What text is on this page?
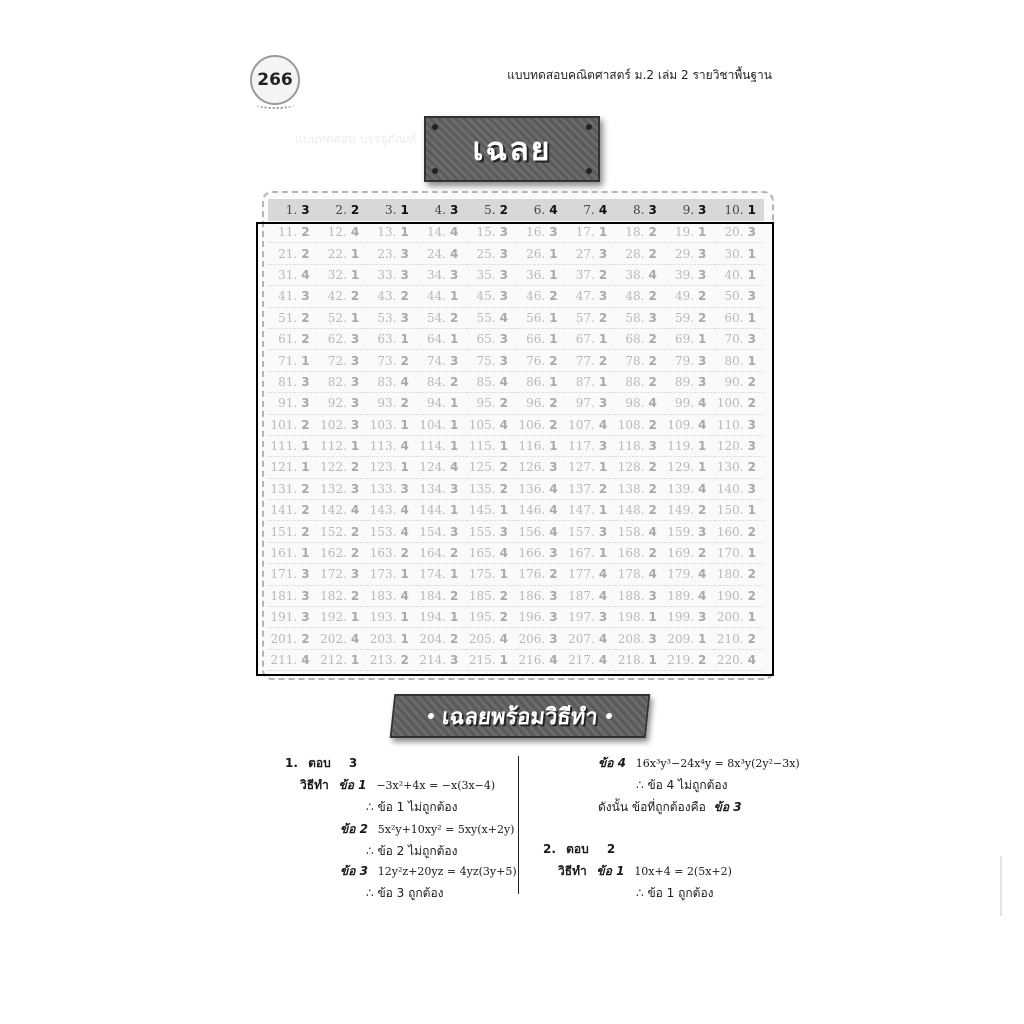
266	แบบทดสอบคณิตศาสตร์ ม.2 เล่ม 2 รายวิชาพื้นฐาน
แบบทดสอบ บรรจุภัณฑ์	เฉลย
1. 3 2. 2 3. 1 4. 3 5. 2 6. 4 7. 4 8. 3 9. 3 10. 1
11. 2 12. 4 13. 1 14. 4 15. 3 16. 3 17. 1 18. 2 19. 1 20. 3
21. 2 22. 1 23. 3 24. 4 25. 3 26. 1 27. 3 28. 2 29. 3 30. 1
31. 4 32. 1 33. 3 34. 3 35. 3 36. 1 37. 2 38. 4 39. 3 40. 1
41. 3 42. 2 43. 2 44. 1 45. 3 46. 2 47. 3 48. 2 49. 2 50. 3
51. 2 52. 1 53. 3 54. 2 55. 4 56. 1 57. 2 58. 3 59. 2 60. 1
61. 2 62. 3 63. 1 64. 1 65. 3 66. 1 67. 1 68. 2 69. 1 70. 3
71. 1 72. 3 73. 2 74. 3 75. 3 76. 2 77. 2 78. 2 79. 3 80. 1
81. 3 82. 3 83. 4 84. 2 85. 4 86. 1 87. 1 88. 2 89. 3 90. 2
91. 3 92. 3 93. 2 94. 1 95. 2 96. 2 97. 3 98. 4 99. 4 100. 2
101. 2 102. 3 103. 1 104. 1 105. 4 106. 2 107. 4 108. 2 109. 4 110. 3
111. 1 112. 1 113. 4 114. 1 115. 1 116. 1 117. 3 118. 3 119. 1 120. 3
121. 1 122. 2 123. 1 124. 4 125. 2 126. 3 127. 1 128. 2 129. 1 130. 2
131. 2 132. 3 133. 3 134. 3 135. 2 136. 4 137. 2 138. 2 139. 4 140. 3
141. 2 142. 4 143. 4 144. 1 145. 1 146. 4 147. 1 148. 2 149. 2 150. 1
151. 2 152. 2 153. 4 154. 3 155. 3 156. 4 157. 3 158. 4 159. 3 160. 2
161. 1 162. 2 163. 2 164. 2 165. 4 166. 3 167. 1 168. 2 169. 2 170. 1
171. 3 172. 3 173. 1 174. 1 175. 1 176. 2 177. 4 178. 4 179. 4 180. 2
181. 3 182. 2 183. 4 184. 2 185. 2 186. 3 187. 4 188. 3 189. 4 190. 2
191. 3 192. 1 193. 1 194. 1 195. 2 196. 3 197. 3 198. 1 199. 3 200. 1
201. 2 202. 4 203. 1 204. 2 205. 4 206. 3 207. 4 208. 3 209. 1 210. 2
211. 4 212. 1 213. 2 214. 3 215. 1 216. 4 217. 4 218. 1 219. 2 220. 4
เฉลยพร้อมวิธีทำ
1. ตอบ 3
วิธีทำ ข้อ 1 −3x²+4x = −x(3x−4)
∴ ข้อ 1 ไม่ถูกต้อง
ข้อ 2 5x²y+10xy² = 5xy(x+2y)
∴ ข้อ 2 ไม่ถูกต้อง
ข้อ 3 12y²z+20yz = 4yz(3y+5)
∴ ข้อ 3 ถูกต้อง
ข้อ 4 16x³y³−24x⁴y = 8x³y(2y²−3x)
∴ ข้อ 4 ไม่ถูกต้อง
ดังนั้น ข้อที่ถูกต้องคือ ข้อ 3
2. ตอบ 2
วิธีทำ ข้อ 1 10x+4 = 2(5x+2)
∴ ข้อ 1 ถูกต้อง
